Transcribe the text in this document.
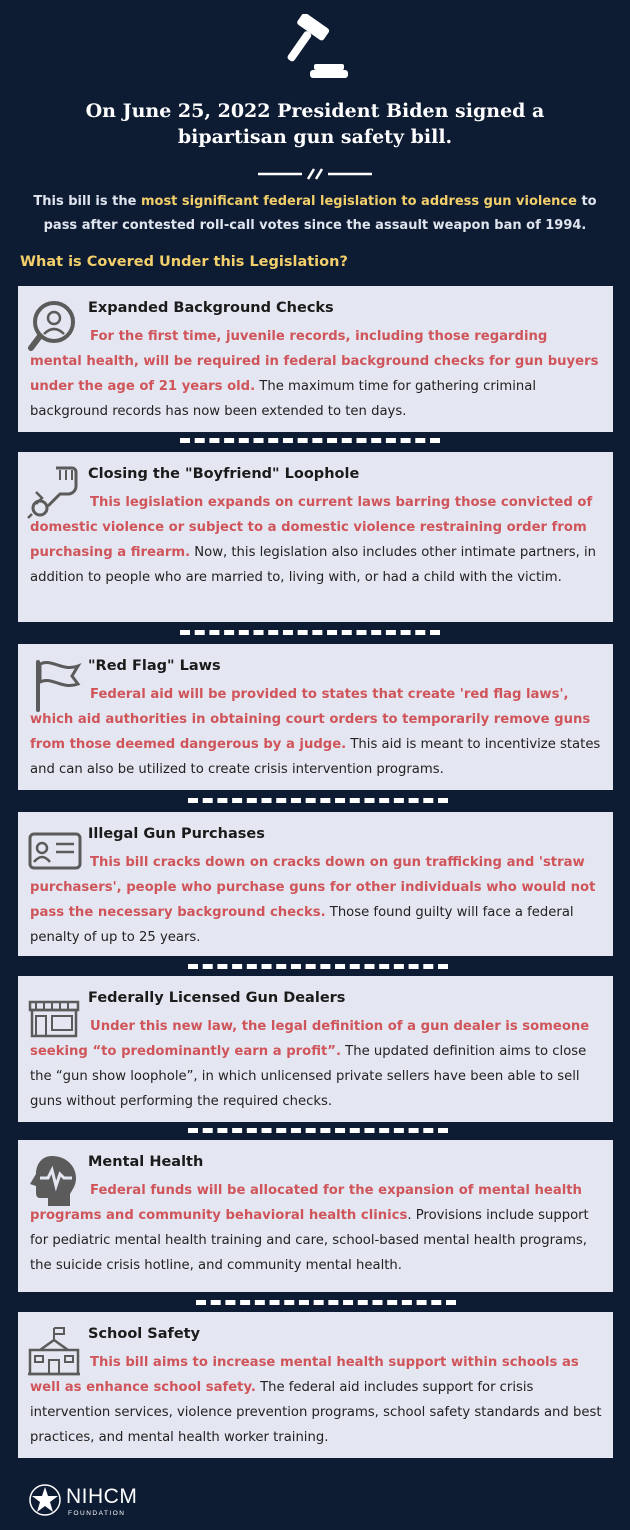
On June 25, 2022 President Biden signed a bipartisan gun safety bill.

This bill is the most significant federal legislation to address gun violence to pass after contested roll-call votes since the assault weapon ban of 1994.

What is Covered Under this Legislation?

Expanded Background Checks

For the first time, juvenile records, including those regarding mental health, will be required in federal background checks for gun buyers under the age of 21 years old. The maximum time for gathering criminal background records has now been extended to ten days.

Closing the "Boyfriend" Loophole

This legislation expands on current laws barring those convicted of domestic violence or subject to a domestic violence restraining order from purchasing a firearm. Now, this legislation also includes other intimate partners, in addition to people who are married to, living with, or had a child with the victim.

"Red Flag" Laws

Federal aid will be provided to states that create 'red flag laws', which aid authorities in obtaining court orders to temporarily remove guns from those deemed dangerous by a judge. This aid is meant to incentivize states and can also be utilized to create crisis intervention programs.

Illegal Gun Purchases

This bill cracks down on cracks down on gun trafficking and 'straw purchasers', people who purchase guns for other individuals who would not pass the necessary background checks. Those found guilty will face a federal penalty of up to 25 years.

Federally Licensed Gun Dealers

Under this new law, the legal definition of a gun dealer is someone seeking “to predominantly earn a profit”. The updated definition aims to close the “gun show loophole”, in which unlicensed private sellers have been able to sell guns without performing the required checks.

Mental Health

Federal funds will be allocated for the expansion of mental health programs and community behavioral health clinics. Provisions include support for pediatric mental health training and care, school-based mental health programs, the suicide crisis hotline, and community mental health.

School Safety

This bill aims to increase mental health support within schools as well as enhance school safety. The federal aid includes support for crisis intervention services, violence prevention programs, school safety standards and best practices, and mental health worker training.

NIHCM
FOUNDATION
